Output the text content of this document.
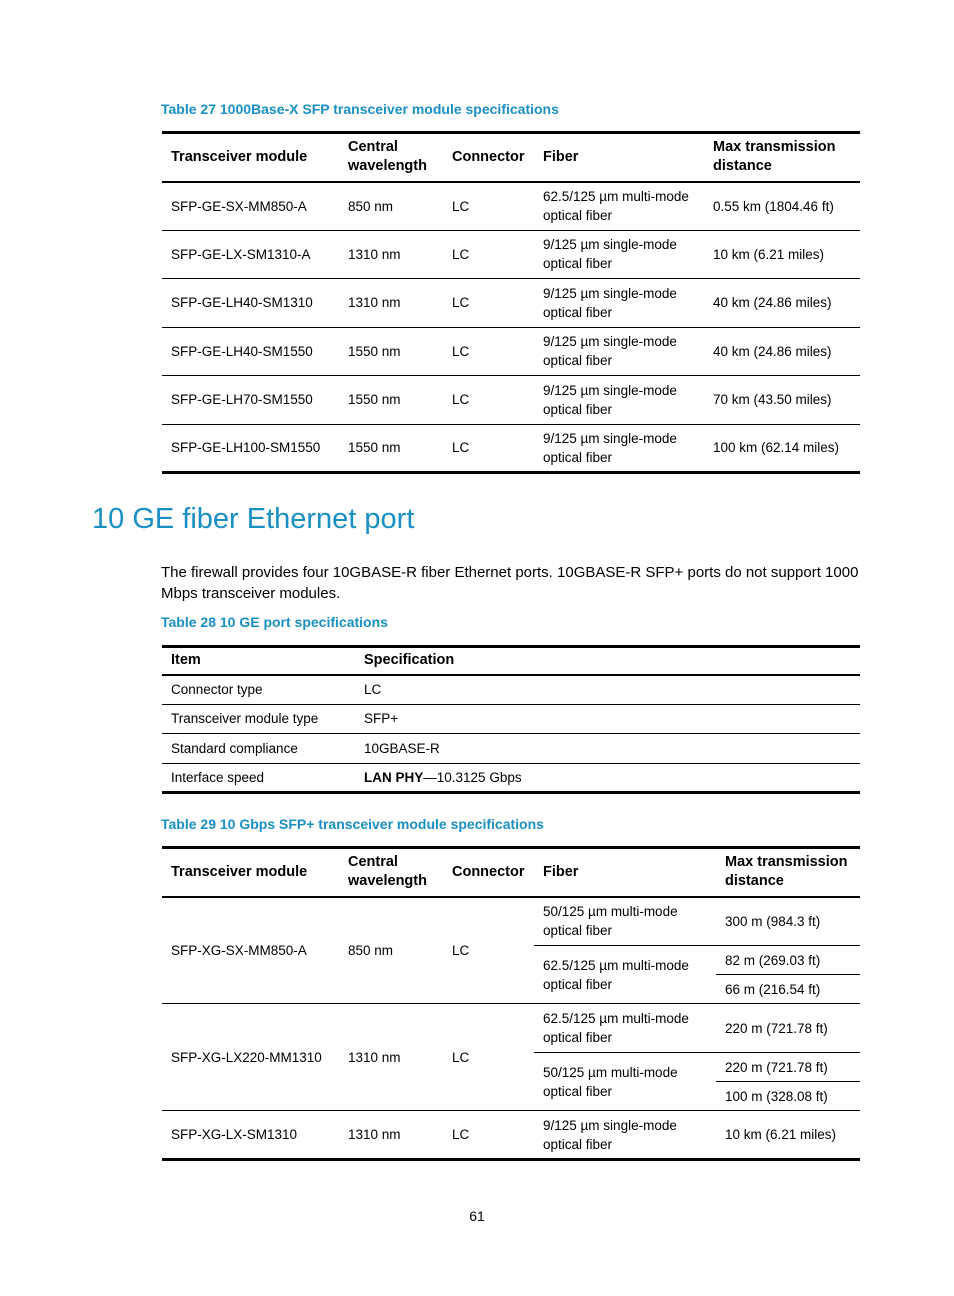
Table 27 1000Base-X SFP transceiver module specifications
Transceiver module	Central wavelength	Connector	Fiber	Max transmission distance
SFP-GE-SX-MM850-A	850 nm	LC	62.5/125 µm multi-mode optical fiber	0.55 km (1804.46 ft)
SFP-GE-LX-SM1310-A	1310 nm	LC	9/125 µm single-mode optical fiber	10 km (6.21 miles)
SFP-GE-LH40-SM1310	1310 nm	LC	9/125 µm single-mode optical fiber	40 km (24.86 miles)
SFP-GE-LH40-SM1550	1550 nm	LC	9/125 µm single-mode optical fiber	40 km (24.86 miles)
SFP-GE-LH70-SM1550	1550 nm	LC	9/125 µm single-mode optical fiber	70 km (43.50 miles)
SFP-GE-LH100-SM1550	1550 nm	LC	9/125 µm single-mode optical fiber	100 km (62.14 miles)
10 GE fiber Ethernet port

The firewall provides four 10GBASE-R fiber Ethernet ports. 10GBASE-R SFP+ ports do not support 1000 Mbps transceiver modules.

Table 28 10 GE port specifications
Item	Specification
Connector type	LC
Transceiver module type	SFP+
Standard compliance	10GBASE-R
Interface speed	LAN PHY—10.3125 Gbps
Table 29 10 Gbps SFP+ transceiver module specifications
Transceiver module	Central wavelength	Connector	Fiber	Max transmission distance
SFP-XG-SX-MM850-A	850 nm	LC	50/125 µm multi-mode optical fiber	300 m (984.3 ft)
			62.5/125 µm multi-mode optical fiber	82 m (269.03 ft)
				66 m (216.54 ft)
SFP-XG-LX220-MM1310	1310 nm	LC	62.5/125 µm multi-mode optical fiber	220 m (721.78 ft)
			50/125 µm multi-mode optical fiber	220 m (721.78 ft)
				100 m (328.08 ft)
SFP-XG-LX-SM1310	1310 nm	LC	9/125 µm single-mode optical fiber	10 km (6.21 miles)
61
